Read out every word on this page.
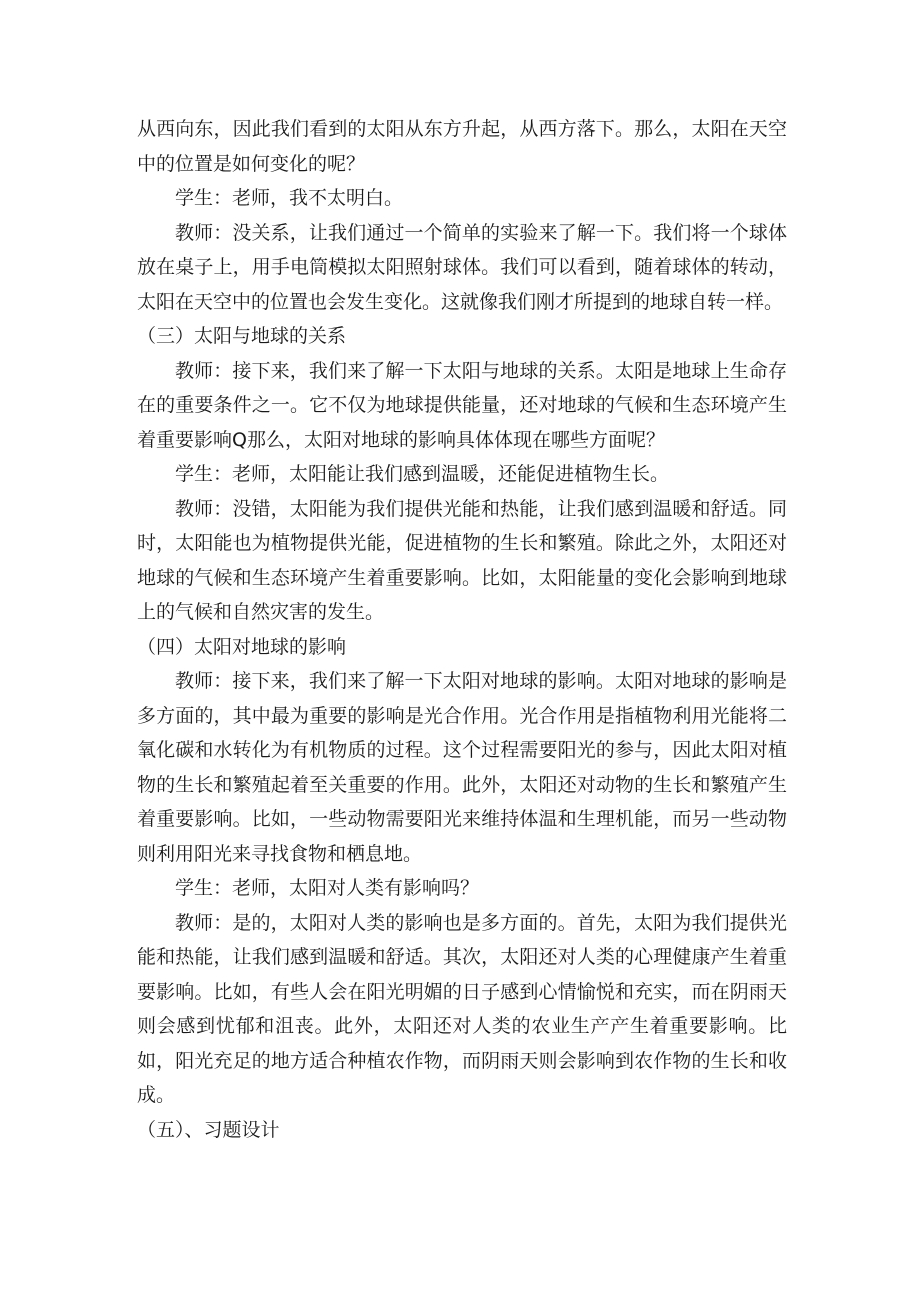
从西向东，因此我们看到的太阳从东方升起，从西方落下。那么，太阳在天空中的位置是如何变化的呢？

学生：老师，我不太明白。

教师：没关系，让我们通过一个简单的实验来了解一下。我们将一个球体放在桌子上，用手电筒模拟太阳照射球体。我们可以看到，随着球体的转动，太阳在天空中的位置也会发生变化。这就像我们刚才所提到的地球自转一样。

（三）太阳与地球的关系

教师：接下来，我们来了解一下太阳与地球的关系。太阳是地球上生命存在的重要条件之一。它不仅为地球提供能量，还对地球的气候和生态环境产生着重要影响Q那么，太阳对地球的影响具体体现在哪些方面呢？

学生：老师，太阳能让我们感到温暖，还能促进植物生长。

教师：没错，太阳能为我们提供光能和热能，让我们感到温暖和舒适。同时，太阳能也为植物提供光能，促进植物的生长和繁殖。除此之外，太阳还对地球的气候和生态环境产生着重要影响。比如，太阳能量的变化会影响到地球上的气候和自然灾害的发生。

（四）太阳对地球的影响

教师：接下来，我们来了解一下太阳对地球的影响。太阳对地球的影响是多方面的，其中最为重要的影响是光合作用。光合作用是指植物利用光能将二氧化碳和水转化为有机物质的过程。这个过程需要阳光的参与，因此太阳对植物的生长和繁殖起着至关重要的作用。此外，太阳还对动物的生长和繁殖产生着重要影响。比如，一些动物需要阳光来维持体温和生理机能，而另一些动物则利用阳光来寻找食物和栖息地。

学生：老师，太阳对人类有影响吗？

教师：是的，太阳对人类的影响也是多方面的。首先，太阳为我们提供光能和热能，让我们感到温暖和舒适。其次，太阳还对人类的心理健康产生着重要影响。比如，有些人会在阳光明媚的日子感到心情愉悦和充实，而在阴雨天则会感到忧郁和沮丧。此外，太阳还对人类的农业生产产生着重要影响。比如，阳光充足的地方适合种植农作物，而阴雨天则会影响到农作物的生长和收成。

（五）、习题设计
